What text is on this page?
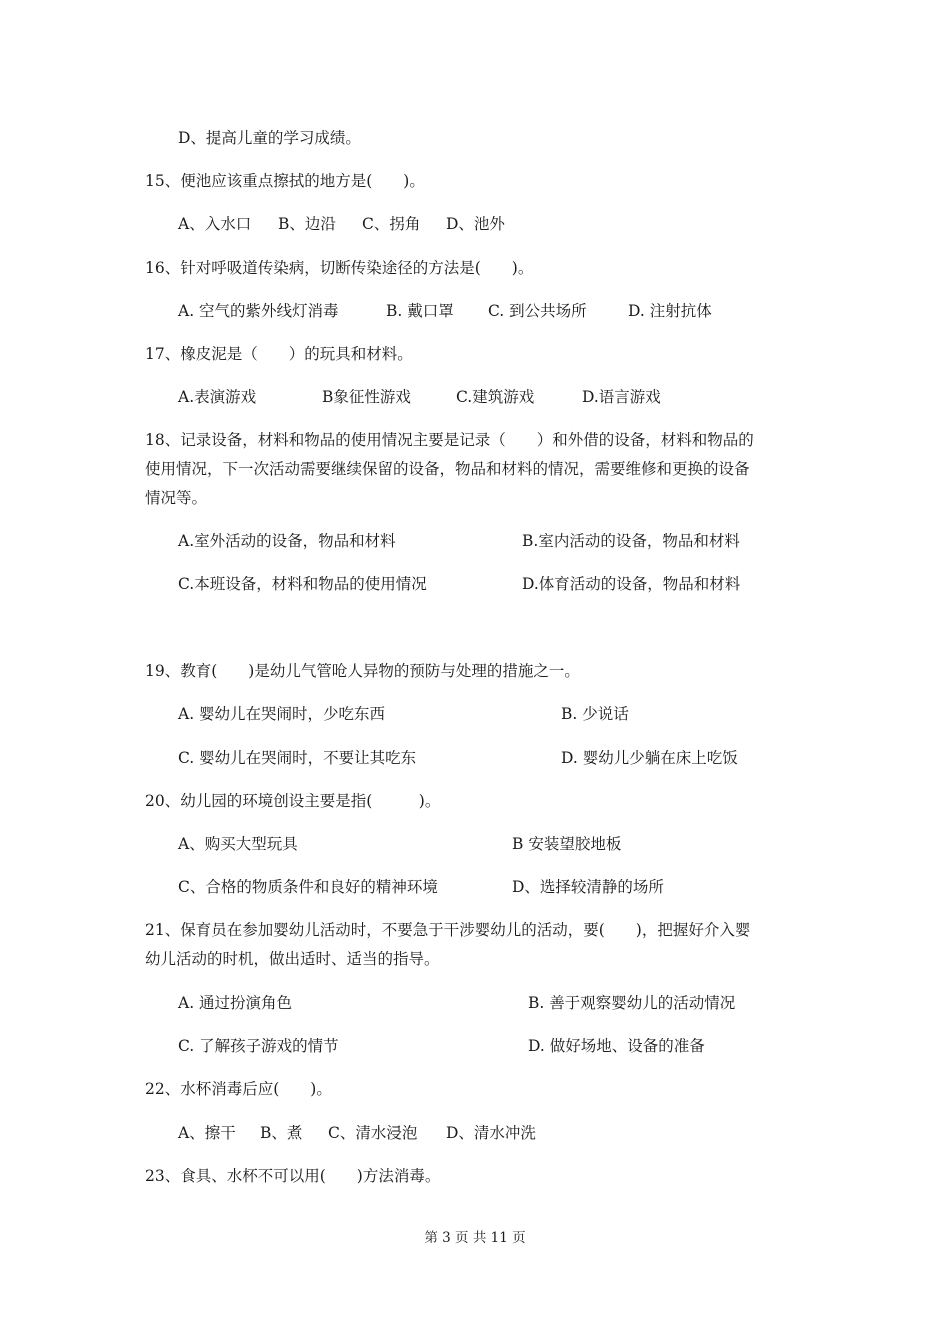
D、提高儿童的学习成绩。
15、便池应该重点擦拭的地方是(　　)。
A、入水口 B、边沿 C、拐角 D、池外
16、针对呼吸道传染病，切断传染途径的方法是(　　)。
A. 空气的紫外线灯消毒	B. 戴口罩 C. 到公共场所	D. 注射抗体
17、橡皮泥是（　　）的玩具和材料。
A.表演游戏	B象征性游戏	C.建筑游戏	D.语言游戏
18、记录设备，材料和物品的使用情况主要是记录（　　）和外借的设备，材料和物品的
使用情况，下一次活动需要继续保留的设备，物品和材料的情况，需要维修和更换的设备
情况等。
A.室外活动的设备，物品和材料	B.室内活动的设备，物品和材料
C.本班设备，材料和物品的使用情况	D.体育活动的设备，物品和材料
19、教育(　　)是幼儿气管呛人异物的预防与处理的措施之一。
A. 婴幼儿在哭闹时，少吃东西	B. 少说话
C. 婴幼儿在哭闹时，不要让其吃东	D. 婴幼儿少躺在床上吃饭
20、幼儿园的环境创设主要是指(　　　)。
A、购买大型玩具	B 安装望胶地板
C、合格的物质条件和良好的精神环境	D、选择较清静的场所
21、保育员在参加婴幼儿活动时，不要急于干涉婴幼儿的活动，要(　　)，把握好介入婴
幼儿活动的时机，做出适时、适当的指导。
A. 通过扮演角色	B. 善于观察婴幼儿的活动情况
C. 了解孩子游戏的情节	D. 做好场地、设备的准备
22、水杯消毒后应(　　)。
A、擦干 B、煮 C、清水浸泡 D、清水冲洗
23、食具、水杯不可以用(　　)方法消毒。
第 3 页 共 11 页
